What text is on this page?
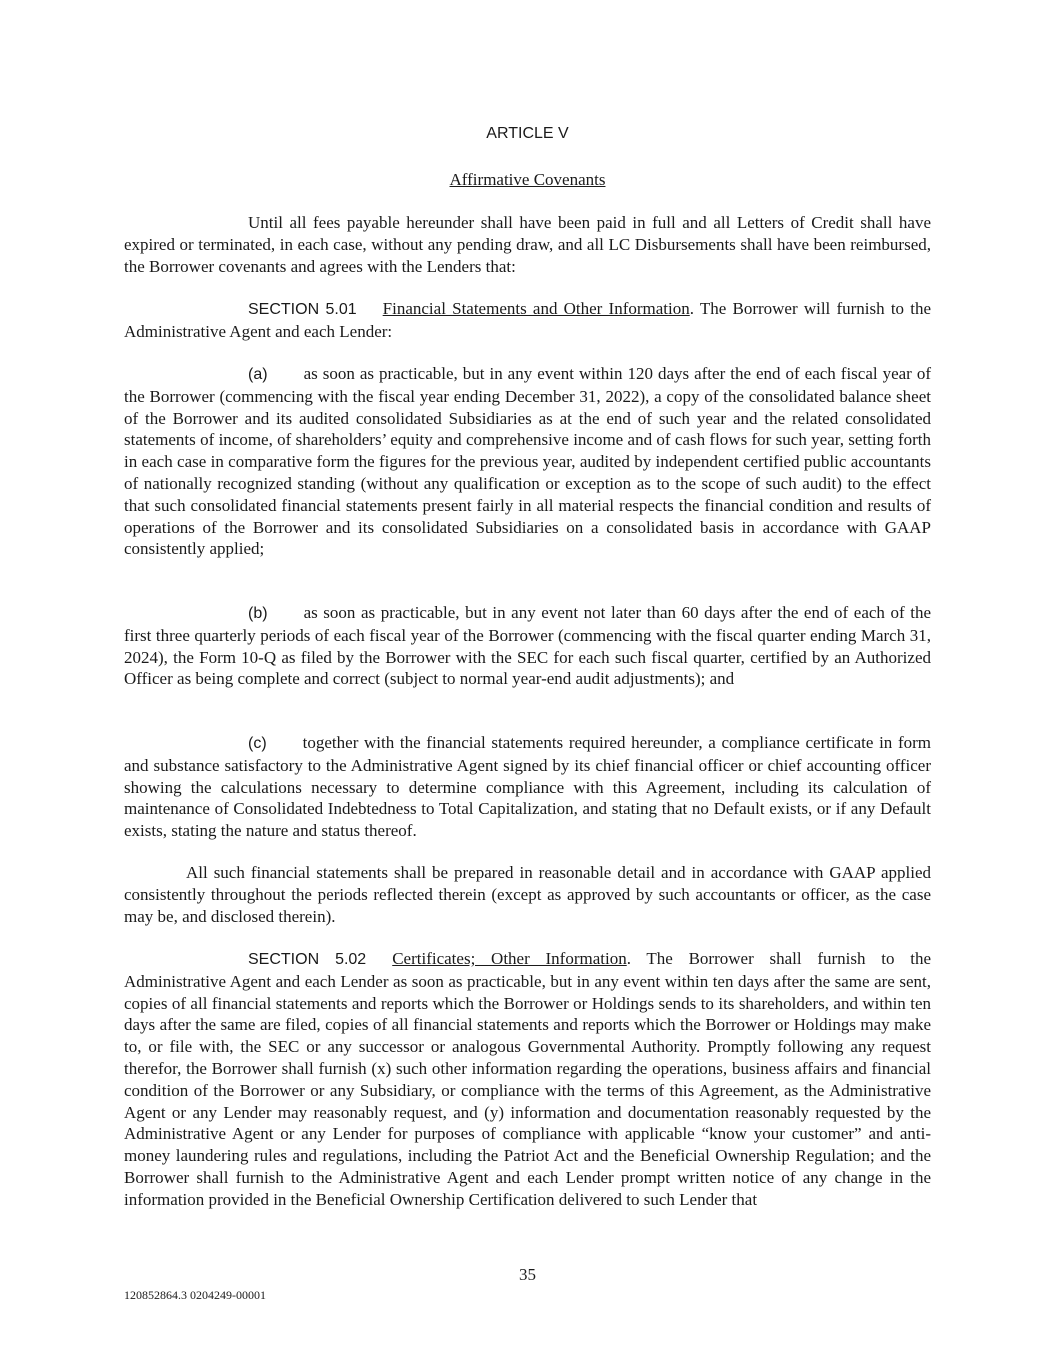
ARTICLE V
Affirmative Covenants
Until all fees payable hereunder shall have been paid in full and all Letters of Credit shall have expired or terminated, in each case, without any pending draw, and all LC Disbursements shall have been reimbursed, the Borrower covenants and agrees with the Lenders that:
SECTION 5.01 Financial Statements and Other Information. The Borrower will furnish to the Administrative Agent and each Lender:
(a) as soon as practicable, but in any event within 120 days after the end of each fiscal year of the Borrower (commencing with the fiscal year ending December 31, 2022), a copy of the consolidated balance sheet of the Borrower and its audited consolidated Subsidiaries as at the end of such year and the related consolidated statements of income, of shareholders’ equity and comprehensive income and of cash flows for such year, setting forth in each case in comparative form the figures for the previous year, audited by independent certified public accountants of nationally recognized standing (without any qualification or exception as to the scope of such audit) to the effect that such consolidated financial statements present fairly in all material respects the financial condition and results of operations of the Borrower and its consolidated Subsidiaries on a consolidated basis in accordance with GAAP consistently applied;
(b) as soon as practicable, but in any event not later than 60 days after the end of each of the first three quarterly periods of each fiscal year of the Borrower (commencing with the fiscal quarter ending March 31, 2024), the Form 10-Q as filed by the Borrower with the SEC for each such fiscal quarter, certified by an Authorized Officer as being complete and correct (subject to normal year-end audit adjustments); and
(c) together with the financial statements required hereunder, a compliance certificate in form and substance satisfactory to the Administrative Agent signed by its chief financial officer or chief accounting officer showing the calculations necessary to determine compliance with this Agreement, including its calculation of maintenance of Consolidated Indebtedness to Total Capitalization, and stating that no Default exists, or if any Default exists, stating the nature and status thereof.
All such financial statements shall be prepared in reasonable detail and in accordance with GAAP applied consistently throughout the periods reflected therein (except as approved by such accountants or officer, as the case may be, and disclosed therein).
SECTION 5.02 Certificates; Other Information. The Borrower shall furnish to the Administrative Agent and each Lender as soon as practicable, but in any event within ten days after the same are sent, copies of all financial statements and reports which the Borrower or Holdings sends to its shareholders, and within ten days after the same are filed, copies of all financial statements and reports which the Borrower or Holdings may make to, or file with, the SEC or any successor or analogous Governmental Authority. Promptly following any request therefor, the Borrower shall furnish (x) such other information regarding the operations, business affairs and financial condition of the Borrower or any Subsidiary, or compliance with the terms of this Agreement, as the Administrative Agent or any Lender may reasonably request, and (y) information and documentation reasonably requested by the Administrative Agent or any Lender for purposes of compliance with applicable “know your customer” and anti-money laundering rules and regulations, including the Patriot Act and the Beneficial Ownership Regulation; and the Borrower shall furnish to the Administrative Agent and each Lender prompt written notice of any change in the information provided in the Beneficial Ownership Certification delivered to such Lender that
35
120852864.3 0204249-00001
